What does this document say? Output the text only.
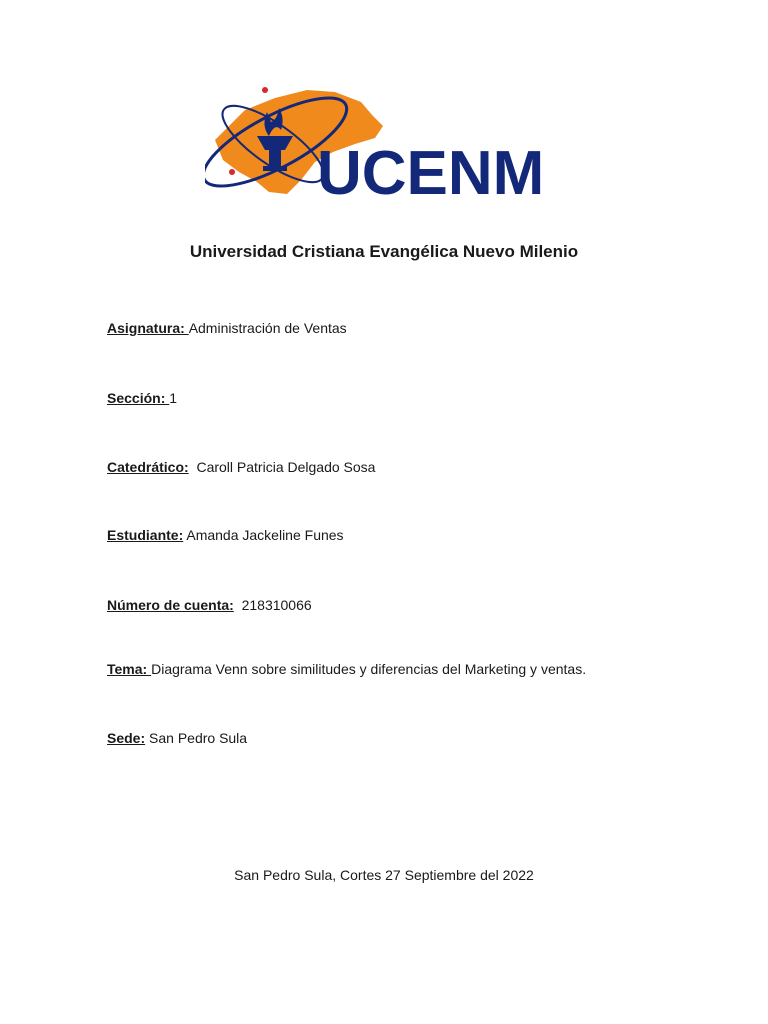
UCENM
Universidad Cristiana Evangélica Nuevo Milenio
Asignatura: Administración de Ventas
Sección: 1
Catedrático:  Caroll Patricia Delgado Sosa
Estudiante: Amanda Jackeline Funes
Número de cuenta:  218310066
Tema: Diagrama Venn sobre similitudes y diferencias del Marketing y ventas.
Sede: San Pedro Sula
San Pedro Sula, Cortes 27 Septiembre del 2022
